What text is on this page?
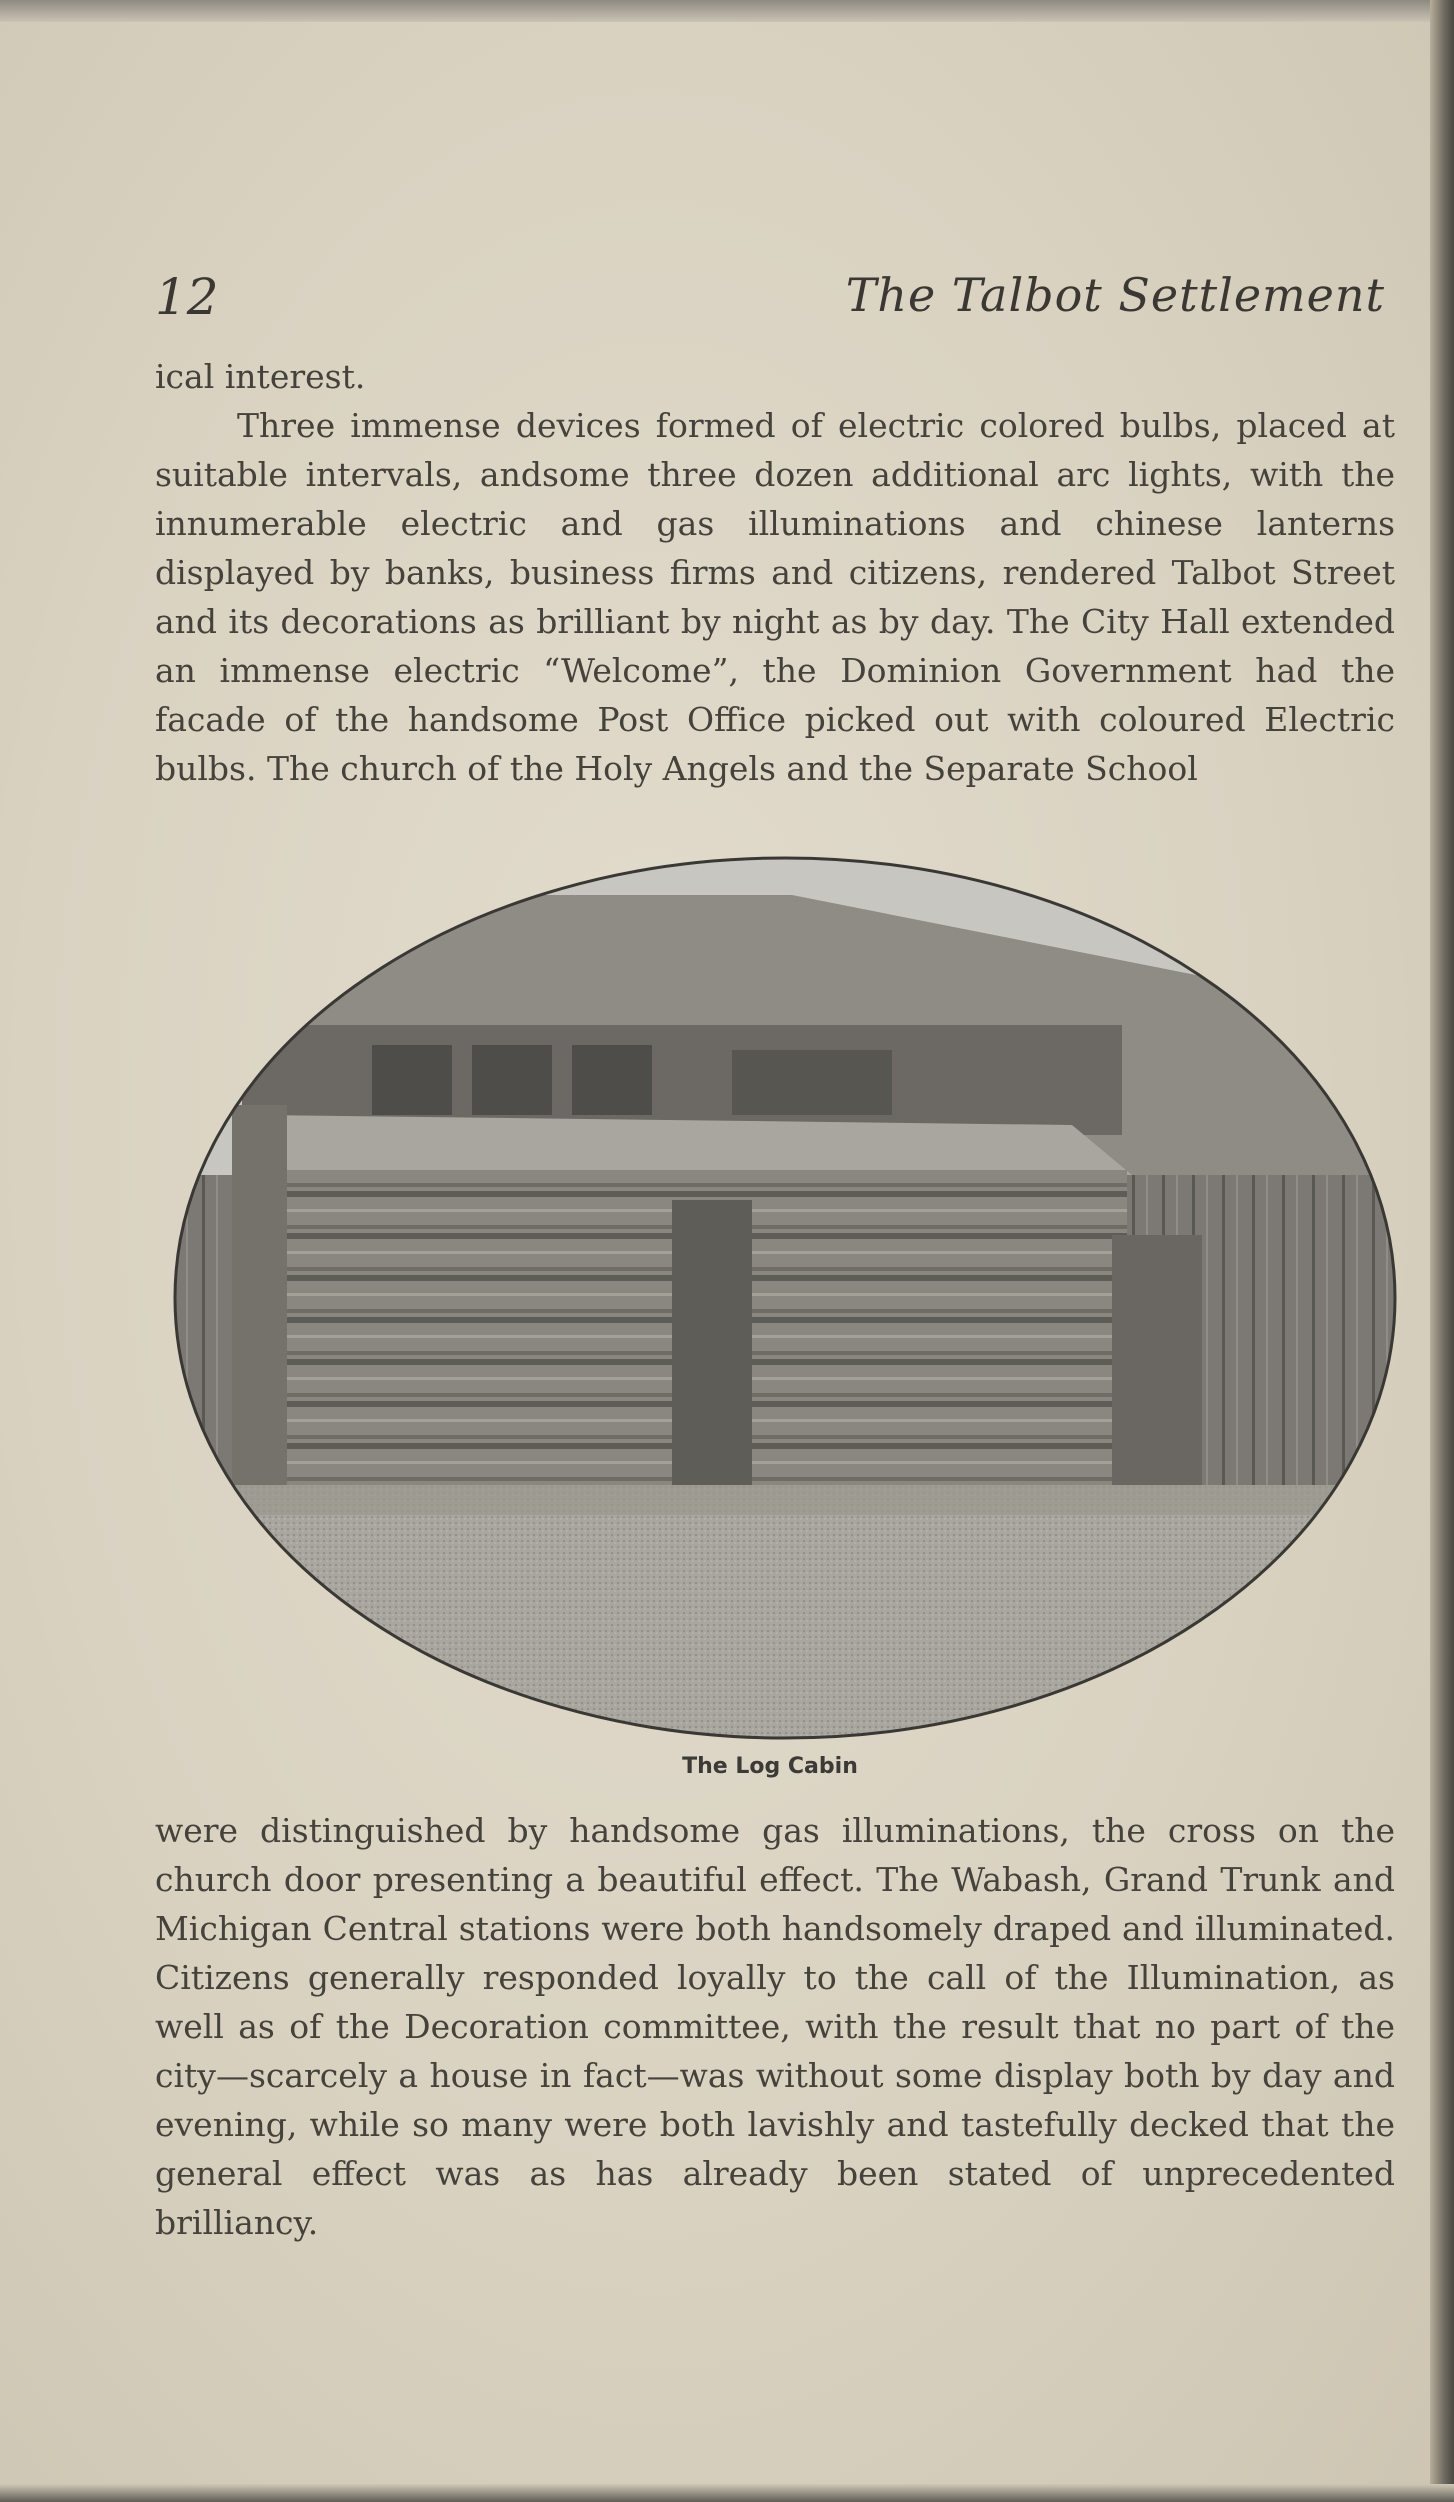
12	The Talbot Settlement

ical interest.

Three immense devices formed of electric colored bulbs, placed at suitable intervals, andsome three dozen additional arc lights, with the innumerable electric and gas illuminations and chinese lanterns displayed by banks, business firms and citizens, rendered Talbot Street and its decorations as brilliant by night as by day. The City Hall extended an immense electric “Welcome”, the Dominion Government had the facade of the handsome Post Office picked out with coloured Electric bulbs. The church of the Holy Angels and the Separate School

The Log Cabin

were distinguished by handsome gas illuminations, the cross on the church door presenting a beautiful effect. The Wabash, Grand Trunk and Michigan Central stations were both handsomely draped and illuminated. Citizens generally responded loyally to the call of the Illumination, as well as of the Decoration committee, with the result that no part of the city—scarcely a house in fact—was without some display both by day and evening, while so many were both lavishly and tastefully decked that the general effect was as has already been stated of unprecedented brilliancy.
